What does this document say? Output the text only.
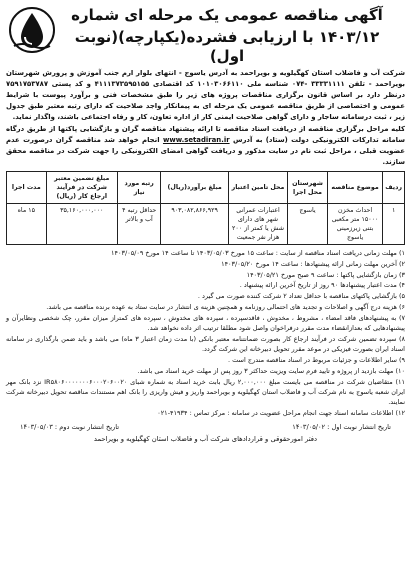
آگهی مناقصه عمومی یک مرحله ای شماره
۱۴۰۳/۱۲ با ارزیابی فشرده(یکپارچه)(نوبت اول)

شرکت آب و فاضلاب استان کهگیلویه و بویراحمد به آدرس یاسوج - انتهای بلوار ارم جنب آموزش و پرورش شهرستان بویراحمد - تلفن ۳۳۳۳۱۱۱۱ -۰۷۴ شناسه ملی ۱۰۱۰۳۰۶۶۱۱۰ کد اقتصادی ۴۱۱۱۳۷۳۵۹۵۱۵۵ و کد پستی ۷۵۹۱۷۵۳۷۸۷ درنظر دارد بر اساس قانون برگزاری مناقصات پروژه های زیر را طبق مشخصات فنی و برآورد پیوست با شرایط عمومی و اختصاصی از طریق مناقصه عمومی یک مرحله ای به پیمانکار واجد صلاحیت که دارای رتبه معتبر طبق جدول زیر ، ثبت درسامانه ساجار و دارای گواهی صلاحیت ایمنی کار از اداره تعاون، کار و رفاه اجتماعی باشند، واگذار نماید.

کلیه مراحل برگزاری مناقصه از دریافت اسناد مناقصه تا ارائه پیشنهاد مناقصه گران و بازگشایی پاکتها از طریق درگاه سامانه تدارکات الکترونیکی دولت (ستاد) به آدرس www.setadiran.ir انجام خواهد شد مناقصه گران درصورت عدم عضویت قبلی ، مراحل ثبت نام در سایت مذکور و دریافت گواهی امضای الکترونیکی را جهت شرکت در مناقصه محقق سازند.

ردیف	موضوع مناقصه	شهرستان محل اجرا	محل تامین اعتبار	مبلغ برآورد(ریال)	رتبه مورد نیاز	مبلغ تضمین معتبر شرکت در فرآیند ارجاع کار (ریال)	مدت اجرا
۱	احداث مخزن ۱۵۰۰۰ متر مکعبی بتنی زیرزمینی یاسوج	یاسوج	اعتبارات عمرانی شهر های دارای شش یا کمتر از ۲۰۰ هزار نفر جمعیت	۹۰۳,۰۸۲,۸۶۶,۹۲۹	حداقل رتبه ۴ آب و بالاتر	۳۵,۱۶۰,۰۰۰,۰۰۰	۱۵ ماه

۱) مهلت زمانی دریافت اسناد مناقصه از سایت : ساعت ۱۵ مورخ ۱۴۰۳/۰۵/۰۳ تا ساعت ۱۴ مورخ ۱۴۰۳/۰۵/۰۹

۲) آخرین مهلت زمانی ارائه پیشنهادها : ساعت ۱۴ مورخ ۱۴۰۳/۰۵/۲۰

۳) زمان بازگشایی پاکتها : ساعت ۹ صبح مورخ ۱۴۰۳/۰۵/۲۱

۴) مدت اعتبار پیشنهادها ۹۰ روز از تاریخ آخرین ارائه پیشنهاد .

۵) بازگشایی پاکتهای مناقصه با حداقل تعداد ۲ شرکت کننده صورت می گیرد .

۶) هزینه درج آگهی و اصلاحات و تجدید های احتمالی روزنامه و همچنین هزینه ی انتشار در سایت ستاد به عهده برنده مناقصه می باشد.

۷) به پیشنهادهای فاقد امضاء ، مشروط ، مخدوش ، فاقدسپرده ، سپرده های مخدوش ، سپرده های کمتراز میزان مقرر، چک شخصی ونظایرآن و پیشنهادهایی که بعدازانقضاء مدت مقرر درفراخوان واصل شود مطلقا ترتیب اثر داده نخواهد شد.

۸) سپرده تضمین شرکت در فرآیند ارجاع کار بصورت ضمانتنامه معتبر بانکی (با مدت زمان اعتبار ۳ ماه) می باشد و باید ضمن بارگذاری در سامانه اسناد ایران بصورت فیزیکی در موعد مقرر تحویل دبیرخانه این شرکت گردد.

۹) سایر اطلاعات و جزئیات مربوط در اسناد مناقصه مندرج است .

۱۰) مهلت بازدید از پروژه و تایید فرم سایت ویزیت حداکثر ۳ روز پس از مهلت خرید اسناد می باشد.

۱۱) متقاضیان شرکت در مناقصه می بایست مبلغ ۲,۰۰۰,۰۰۰ ریال بابت خرید اسناد به شماره شبای IR۵۸۰۶۰۰۰۰۰۰۰۶۰۰۰۲۰۶۰۰۲۰ نزد بانک مهر ایران شعبه یاسوج به نام شرکت آب و فاضلاب استان کهگیلویه و بویراحمد واریز و فیش واریزی را بانک اهم مستندات مناقصه تحویل دبیرخانه شرکت نمایند.

۱۲) اطلاعات سامانه اسناد جهت انجام مراحل عضویت در سامانه : مرکز تماس : ۴۱۹۳۴-۰۲۱

تاریخ انتشار نوبت اول : ۱۴۰۳/۰۵/۰۲
تاریخ انتشار نوبت دوم : ۱۴۰۳/۰۵/۰۳
دفتر امورحقوقی و قراردادهای شرکت آب و فاضلاب استان کهگیلویه و بویراحمد
